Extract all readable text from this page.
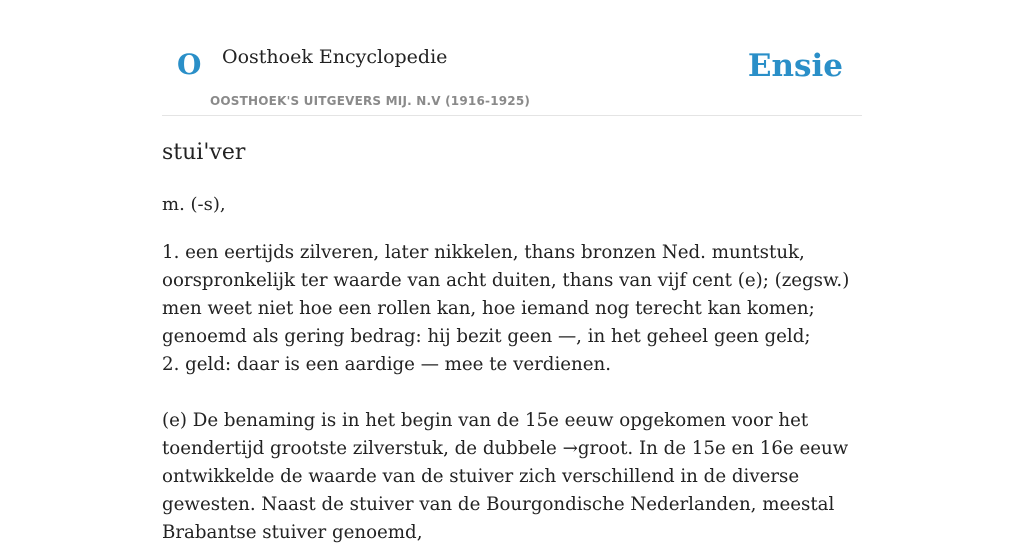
O Oosthoek Encyclopedie
OOSTHOEK'S UITGEVERS MIJ. N.V (1916-1925)
Ensie
stui'ver
m. (-s),

1. een eertijds zilveren, later nikkelen, thans bronzen Ned. muntstuk, oorspronkelijk ter waarde van acht duiten, thans van vijf cent (e); (zegsw.) men weet niet hoe een rollen kan, hoe iemand nog terecht kan komen; genoemd als gering bedrag: hij bezit geen —, in het geheel geen geld;

2. geld: daar is een aardige — mee te verdienen.

(e) De benaming is in het begin van de 15e eeuw opgekomen voor het toendertijd grootste zilverstuk, de dubbele →groot. In de 15e en 16e eeuw ontwikkelde de waarde van de stuiver zich verschillend in de diverse gewesten. Naast de stuiver van de Bourgondische Nederlanden, meestal Brabantse stuiver genoemd,
